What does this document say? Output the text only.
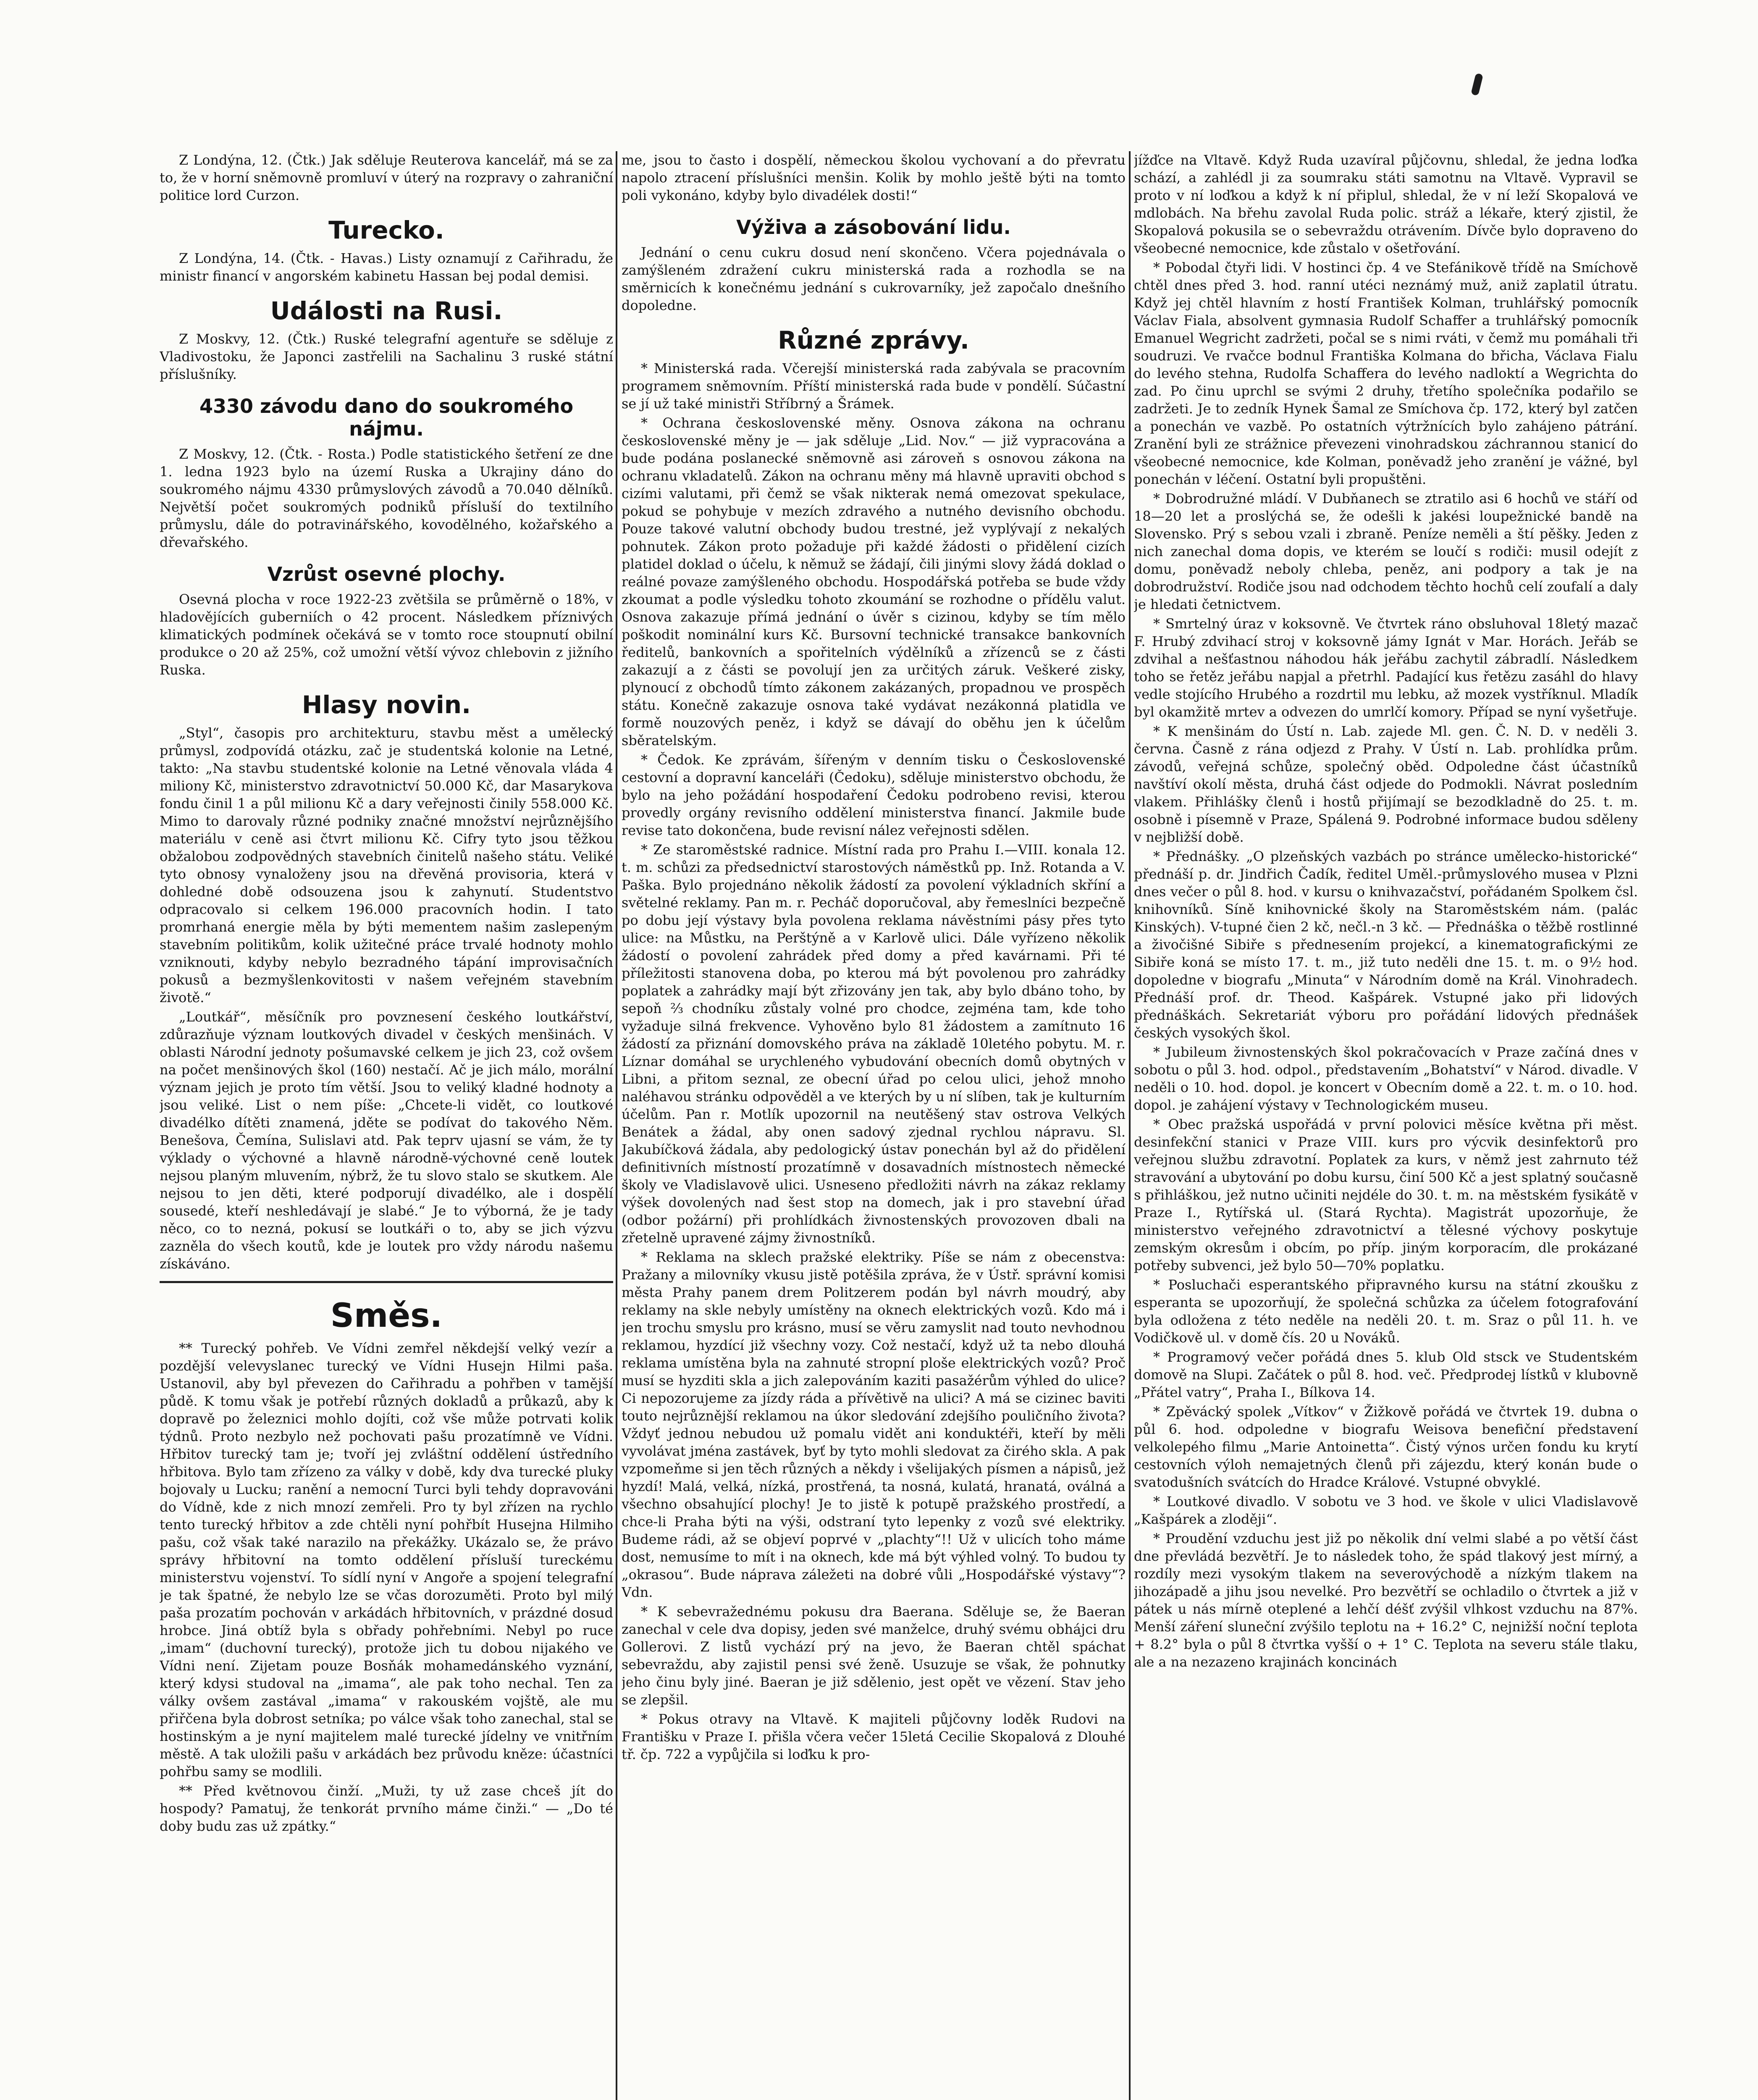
Z Londýna, 12. (Čtk.) Jak sděluje Reuterova kancelář, má se za to, že v horní sněmovně promluví v úterý na rozpravy o zahraniční politice lord Curzon.

Turecko.

Z Londýna, 14. (Čtk. - Havas.) Listy oznamují z Cařihradu, že ministr financí v angorském kabinetu Hassan bej podal demisi.

Události na Rusi.

Z Moskvy, 12. (Čtk.) Ruské telegrafní agentuře se sděluje z Vladivostoku, že Japonci zastřelili na Sachalinu 3 ruské státní příslušníky.

4330 závodu dano do soukromého nájmu.

Z Moskvy, 12. (Čtk. - Rosta.) Podle statistického šetření ze dne 1. ledna 1923 bylo na území Ruska a Ukrajiny dáno do soukromého nájmu 4330 průmyslových závodů a 70.040 dělníků. Největší počet soukromých podniků přísluší do textilního průmyslu, dále do potravinářského, kovodělného, kožařského a dřevařského.

Vzrůst osevné plochy.

Osevná plocha v roce 1922-23 zvětšila se průměrně o 18%, v hladovějících guberniích o 42 procent. Následkem příznivých klimatických podmínek očekává se v tomto roce stoupnutí obilní produkce o 20 až 25%, což umožní větší vývoz chlebovin z jižního Ruska.

Hlasy novin.

„Styl“, časopis pro architekturu, stavbu měst a umělecký průmysl, zodpovídá otázku, zač je studentská kolonie na Letné, takto: „Na stavbu studentské kolonie na Letné věnovala vláda 4 miliony Kč, ministerstvo zdravotnictví 50.000 Kč, dar Masarykova fondu činil 1 a půl milionu Kč a dary veřejnosti činily 558.000 Kč. Mimo to darovaly různé podniky značné množství nejrůznějšího materiálu v ceně asi čtvrt milionu Kč. Cifry tyto jsou těžkou obžalobou zodpovědných stavebních činitelů našeho státu. Veliké tyto obnosy vynaloženy jsou na dřevěná provisoria, která v dohledné době odsouzena jsou k zahynutí. Studentstvo odpracovalo si celkem 196.000 pracovních hodin. I tato promrhaná energie měla by býti mementem našim zaslepeným stavebním politikům, kolik užitečné práce trvalé hodnoty mohlo vzniknouti, kdyby nebylo bezradného tápání improvisačních pokusů a bezmyšlenkovitosti v našem veřejném stavebním životě.“

„Loutkář“, měsíčník pro povznesení českého loutkářství, zdůrazňuje význam loutkových divadel v českých menšinách. V oblasti Národní jednoty pošumavské celkem je jich 23, což ovšem na počet menšinových škol (160) nestačí. Ač je jich málo, morální význam jejich je proto tím větší. Jsou to veliký kladné hodnoty a jsou veliké. List o nem píše: „Chcete-li vidět, co loutkové divadélko dítěti znamená, jděte se podívat do takového Něm. Benešova, Čemína, Sulislavi atd. Pak teprv ujasní se vám, že ty výklady o výchovné a hlavně národně-výchovné ceně loutek nejsou planým mluvením, nýbrž, že tu slovo stalo se skutkem. Ale nejsou to jen děti, které podporují divadélko, ale i dospělí sousedé, kteří neshledávají je slabé.“ Je to výborná, že je tady něco, co to nezná, pokusí se loutkáři o to, aby se jich výzvu zazněla do všech koutů, kde je loutek pro vždy národu našemu získáváno.

Směs.

** Turecký pohřeb. Ve Vídni zemřel někdejší velký vezír a pozdější velevyslanec turecký ve Vídni Husejn Hilmi paša. Ustanovil, aby byl převezen do Cařihradu a pohřben v tamější půdě. K tomu však je potřebí různých dokladů a průkazů, aby k dopravě po železnici mohlo dojíti, což vše může potrvati kolik týdnů. Proto nezbylo než pochovati pašu prozatímně ve Vídni. Hřbitov turecký tam je; tvoří jej zvláštní oddělení ústředního hřbitova. Bylo tam zřízeno za války v době, kdy dva turecké pluky bojovaly u Lucku; ranění a nemocní Turci byli tehdy dopravováni do Vídně, kde z nich mnozí zemřeli. Pro ty byl zřízen na rychlo tento turecký hřbitov a zde chtěli nyní pohřbít Husejna Hilmiho pašu, což však také narazilo na překážky. Ukázalo se, že právo správy hřbitovní na tomto oddělení přísluší tureckému ministerstvu vojenství. To sídlí nyní v Angoře a spojení telegrafní je tak špatné, že nebylo lze se včas dorozuměti. Proto byl milý paša prozatím pochován v arkádách hřbitovních, v prázdné dosud hrobce. Jiná obtíž byla s obřady pohřebními. Nebyl po ruce „imam“ (duchovní turecký), protože jich tu dobou nijakého ve Vídni není. Zijetam pouze Bosňák mohamedánského vyznání, který kdysi studoval na „imama“, ale pak toho nechal. Ten za války ovšem zastával „imama“ v rakouském vojště, ale mu přiřčena byla dobrost setníka; po válce však toho zanechal, stal se hostinským a je nyní majitelem malé turecké jídelny ve vnitřním městě. A tak uložili pašu v arkádách bez průvodu kněze: účastníci pohřbu samy se modlili.

** Před květnovou činží. „Muži, ty už zase chceš jít do hospody? Pamatuj, že tenkorát prvního máme činži.“ — „Do té doby budu zas už zpátky.“

me, jsou to často i dospělí, německou školou vychovaní a do převratu napolo ztracení příslušníci menšin. Kolik by mohlo ještě býti na tomto poli vykonáno, kdyby bylo divadélek dosti!“

Výživa a zásobování lidu.

Jednání o cenu cukru dosud není skončeno. Včera pojednávala o zamýšleném zdražení cukru ministerská rada a rozhodla se na směrnicích k konečnému jednání s cukrovarníky, jež započalo dnešního dopoledne.

Různé zprávy.

* Ministerská rada. Včerejší ministerská rada zabývala se pracovním programem sněmovním. Příští ministerská rada bude v pondělí. Súčastní se jí už také ministři Stříbrný a Šrámek.

* Ochrana československé měny. Osnova zákona na ochranu československé měny je — jak sděluje „Lid. Nov.“ — již vypracována a bude podána poslanecké sněmovně asi zároveň s osnovou zákona na ochranu vkladatelů. Zákon na ochranu měny má hlavně upraviti obchod s cizími valutami, při čemž se však nikterak nemá omezovat spekulace, pokud se pohybuje v mezích zdravého a nutného devisního obchodu. Pouze takové valutní obchody budou trestné, jež vyplývají z nekalých pohnutek. Zákon proto požaduje při každé žádosti o přidělení cizích platidel doklad o účelu, k němuž se žádají, čili jinými slovy žádá doklad o reálné povaze zamýšleného obchodu. Hospodářská potřeba se bude vždy zkoumat a podle výsledku tohoto zkoumání se rozhodne o přídělu valut. Osnova zakazuje přímá jednání o úvěr s cizinou, kdyby se tím mělo poškodit nominální kurs Kč. Bursovní technické transakce bankovních ředitelů, bankovních a spořitelních výdělníků a zřízenců se z části zakazují a z části se povolují jen za určitých záruk. Veškeré zisky, plynoucí z obchodů tímto zákonem zakázaných, propadnou ve prospěch státu. Konečně zakazuje osnova také vydávat nezákonná platidla ve formě nouzových peněz, i když se dávají do oběhu jen k účelům sběratelským.

* Čedok. Ke zprávám, šířeným v denním tisku o Československé cestovní a dopravní kanceláři (Čedoku), sděluje ministerstvo obchodu, že bylo na jeho požádání hospodaření Čedoku podrobeno revisi, kterou provedly orgány revisního oddělení ministerstva financí. Jakmile bude revise tato dokončena, bude revisní nález veřejnosti sdělen.

* Ze staroměstské radnice. Místní rada pro Prahu I.—VIII. konala 12. t. m. schůzi za předsednictví starostových náměstků pp. Inž. Rotanda a V. Paška. Bylo projednáno několik žádostí za povolení výkladních skříní a světelné reklamy. Pan m. r. Pecháč doporučoval, aby řemeslníci bezpečně po dobu její výstavy byla povolena reklama návěstními pásy přes tyto ulice: na Můstku, na Perštýně a v Karlově ulici. Dále vyřízeno několik žádostí o povolení zahrádek před domy a před kavárnami. Při té příležitosti stanovena doba, po kterou má být povolenou pro zahrádky poplatek a zahrádky mají být zřizovány jen tak, aby bylo dbáno toho, by sepoň ⅔ chodníku zůstaly volné pro chodce, zejména tam, kde toho vyžaduje silná frekvence. Vyhověno bylo 81 žádostem a zamítnuto 16 žádostí za přiznání domovského práva na základě 10letého pobytu. M. r. Líznar domáhal se urychleného vybudování obecních domů obytných v Libni, a přitom seznal, ze obecní úřad po celou ulici, jehož mnoho naléhavou stránku odpověděl a ve kterých by u ní slíben, tak je kulturním účelům. Pan r. Motlík upozornil na neutěšený stav ostrova Velkých Benátek a žádal, aby onen sadový zjednal rychlou nápravu. Sl. Jakubíčková žádala, aby pedologický ústav ponechán byl až do přidělení definitivních místností prozatímně v dosavadních místnostech německé školy ve Vladislavově ulici. Usneseno předložiti návrh na zákaz reklamy výšek dovolených nad šest stop na domech, jak i pro stavební úřad (odbor požární) při prohlídkách živnostenských provozoven dbali na zřetelně upravené zájmy živnostníků.

* Reklama na sklech pražské elektriky. Píše se nám z obecenstva: Pražany a milovníky vkusu jistě potěšila zpráva, že v Ústř. správní komisi města Prahy panem drem Politzerem podán byl návrh moudrý, aby reklamy na skle nebyly umístěny na oknech elektrických vozů. Kdo má i jen trochu smyslu pro krásno, musí se věru zamyslit nad touto nevhodnou reklamou, hyzdící již všechny vozy. Což nestačí, když už ta nebo dlouhá reklama umístěna byla na zahnuté stropní ploše elektrických vozů? Proč musí se hyzditi skla a jich zalepováním kaziti pasažérům výhled do ulice? Ci nepozorujeme za jízdy ráda a přívětivě na ulici? A má se cizinec baviti touto nejrůznější reklamou na úkor sledování zdejšího pouličního života? Vždyť jednou nebudou už pomalu vidět ani konduktéři, kteří by měli vyvolávat jména zastávek, byť by tyto mohli sledovat za čirého skla. A pak vzpomeňme si jen těch různých a někdy i všelijakých písmen a nápisů, jež hyzdí! Malá, velká, nízká, prostřená, ta nosná, kulatá, hranatá, oválná a všechno obsahující plochy! Je to jistě k potupě pražského prostředí, a chce-li Praha býti na výši, odstraní tyto lepenky z vozů své elektriky. Budeme rádi, až se objeví poprvé v „plachty“!! Už v ulicích toho máme dost, nemusíme to mít i na oknech, kde má být výhled volný. To budou ty „okrasou“. Bude náprava záležeti na dobré vůli „Hospodářské výstavy“? Vdn.

* K sebevražednému pokusu dra Baerana. Sděluje se, že Baeran zanechal v cele dva dopisy, jeden své manželce, druhý svému obhájci dru Gollerovi. Z listů vychází prý na jevo, že Baeran chtěl spáchat sebevraždu, aby zajistil pensi své ženě. Usuzuje se však, že pohnutky jeho činu byly jiné. Baeran je již sdělenio, jest opět ve vězení. Stav jeho se zlepšil.

* Pokus otravy na Vltavě. K majiteli půjčovny loděk Rudovi na Františku v Praze I. přišla včera večer 15letá Cecilie Skopalová z Dlouhé tř. čp. 722 a vypůjčila si loďku k pro-

jížďce na Vltavě. Když Ruda uzavíral půjčovnu, shledal, že jedna loďka schází, a zahlédl ji za soumraku státi samotnu na Vltavě. Vypravil se proto v ní loďkou a když k ní připlul, shledal, že v ní leží Skopalová ve mdlobách. Na břehu zavolal Ruda polic. stráž a lékaře, který zjistil, že Skopalová pokusila se o sebevraždu otrávením. Dívče bylo dopraveno do všeobecné nemocnice, kde zůstalo v ošetřování.

* Pobodal čtyři lidi. V hostinci čp. 4 ve Stefánikově třídě na Smíchově chtěl dnes před 3. hod. ranní utéci neznámý muž, aniž zaplatil útratu. Když jej chtěl hlavním z hostí František Kolman, truhlářský pomocník Václav Fiala, absolvent gymnasia Rudolf Schaffer a truhlářský pomocník Emanuel Wegricht zadržeti, počal se s nimi rváti, v čemž mu pomáhali tři soudruzi. Ve rvačce bodnul Františka Kolmana do břicha, Václava Fialu do levého stehna, Rudolfa Schaffera do levého nadloktí a Wegrichta do zad. Po činu uprchl se svými 2 druhy, třetího společníka podařilo se zadržeti. Je to zedník Hynek Šamal ze Smíchova čp. 172, který byl zatčen a ponechán ve vazbě. Po ostatních výtržnících bylo zahájeno pátrání. Zranění byli ze strážnice převezeni vinohradskou záchrannou stanicí do všeobecné nemocnice, kde Kolman, poněvadž jeho zranění je vážné, byl ponechán v léčení. Ostatní byli propuštěni.

* Dobrodružné mládí. V Dubňanech se ztratilo asi 6 hochů ve stáří od 18—20 let a proslýchá se, že odešli k jakési loupežnické bandě na Slovensko. Prý s sebou vzali i zbraně. Peníze neměli a ští pěšky. Jeden z nich zanechal doma dopis, ve kterém se loučí s rodiči: musil odejít z domu, poněvadž neboly chleba, peněz, ani podpory a tak je na dobrodružství. Rodiče jsou nad odchodem těchto hochů celí zoufalí a daly je hledati četnictvem.

* Smrtelný úraz v koksovně. Ve čtvrtek ráno obsluhoval 18letý mazač F. Hrubý zdvihací stroj v koksovně jámy Ignát v Mar. Horách. Jeřáb se zdvihal a nešťastnou náhodou hák jeřábu zachytil zábradlí. Následkem toho se řetěz jeřábu napjal a přetrhl. Padající kus řetězu zasáhl do hlavy vedle stojícího Hrubého a rozdrtil mu lebku, až mozek vystříknul. Mladík byl okamžitě mrtev a odvezen do umrlčí komory. Případ se nyní vyšetřuje.

* K menšinám do Ústí n. Lab. zajede Ml. gen. Č. N. D. v neděli 3. června. Časně z rána odjezd z Prahy. V Ústí n. Lab. prohlídka prům. závodů, veřejná schůze, společný oběd. Odpoledne část účastníků navštíví okolí města, druhá část odjede do Podmokli. Návrat posledním vlakem. Přihlášky členů i hostů přijímají se bezodkladně do 25. t. m. osobně i písemně v Praze, Spálená 9. Podrobné informace budou sděleny v nejbližší době.

* Přednášky. „O plzeňských vazbách po stránce umělecko-historické“ přednáší p. dr. Jindřich Čadík, ředitel Uměl.-průmyslového musea v Plzni dnes večer o půl 8. hod. v kursu o knihvazačství, pořádaném Spolkem čsl. knihovníků. Síně knihovnické školy na Staroměstském nám. (palác Kinských). V-tupné čien 2 kč, nečl.-n 3 kč. — Přednáška o těžbě rostlinné a živočišné Sibiře s přednesením projekcí, a kinematografickými ze Sibiře koná se místo 17. t. m., již tuto neděli dne 15. t. m. o 9½ hod. dopoledne v biografu „Minuta“ v Národním domě na Král. Vinohradech. Přednáší prof. dr. Theod. Kašpárek. Vstupné jako při lidových přednáškách. Sekretariát výboru pro pořádání lidových přednášek českých vysokých škol.

* Jubileum živnostenských škol pokračovacích v Praze začíná dnes v sobotu o půl 3. hod. odpol., představením „Bohatství“ v Národ. divadle. V neděli o 10. hod. dopol. je koncert v Obecním domě a 22. t. m. o 10. hod. dopol. je zahájení výstavy v Technologickém museu.

* Obec pražská uspořádá v první polovici měsíce května při měst. desinfekční stanici v Praze VIII. kurs pro výcvik desinfektorů pro veřejnou službu zdravotní. Poplatek za kurs, v němž jest zahrnuto též stravování a ubytování po dobu kursu, činí 500 Kč a jest splatný současně s přihláškou, jež nutno učiniti nejdéle do 30. t. m. na městském fysikátě v Praze I., Rytířská ul. (Stará Rychta). Magistrát upozorňuje, že ministerstvo veřejného zdravotnictví a tělesné výchovy poskytuje zemským okresům i obcím, po příp. jiným korporacím, dle prokázané potřeby subvenci, jež bylo 50—70% poplatku.

* Posluchači esperantského připravného kursu na státní zkoušku z esperanta se upozorňují, že společná schůzka za účelem fotografování byla odložena z této neděle na neděli 20. t. m. Sraz o půl 11. h. ve Vodičkově ul. v domě čís. 20 u Nováků.

* Programový večer pořádá dnes 5. klub Old stsck ve Studentském domově na Slupi. Začátek o půl 8. hod. več. Předprodej lístků v klubovně „Přátel vatry“, Praha I., Bílkova 14.

* Zpěvácký spolek „Vítkov“ v Žižkově pořádá ve čtvrtek 19. dubna o půl 6. hod. odpoledne v biografu Weisova benefiční představení velkolepého filmu „Marie Antoinetta“. Čistý výnos určen fondu ku krytí cestovních výloh nemajetných členů při zájezdu, který konán bude o svatodušních svátcích do Hradce Králové. Vstupné obvyklé.

* Loutkové divadlo. V sobotu ve 3 hod. ve škole v ulici Vladislavově „Kašpárek a zloději“.

* Proudění vzduchu jest již po několik dní velmi slabé a po větší část dne převládá bezvětří. Je to následek toho, že spád tlakový jest mírný, a rozdíly mezi vysokým tlakem na severovýchodě a nízkým tlakem na jihozápadě a jihu jsou nevelké. Pro bezvětří se ochladilo o čtvrtek a již v pátek u nás mírně oteplené a lehčí déšť zvýšil vlhkost vzduchu na 87%. Menší záření sluneční zvýšilo teplotu na + 16.2° C, nejnižší noční teplota + 8.2° byla o půl 8 čtvrtka vyšší o + 1° C. Teplota na severu stále tlaku, ale a na nezazeno krajinách koncinách
